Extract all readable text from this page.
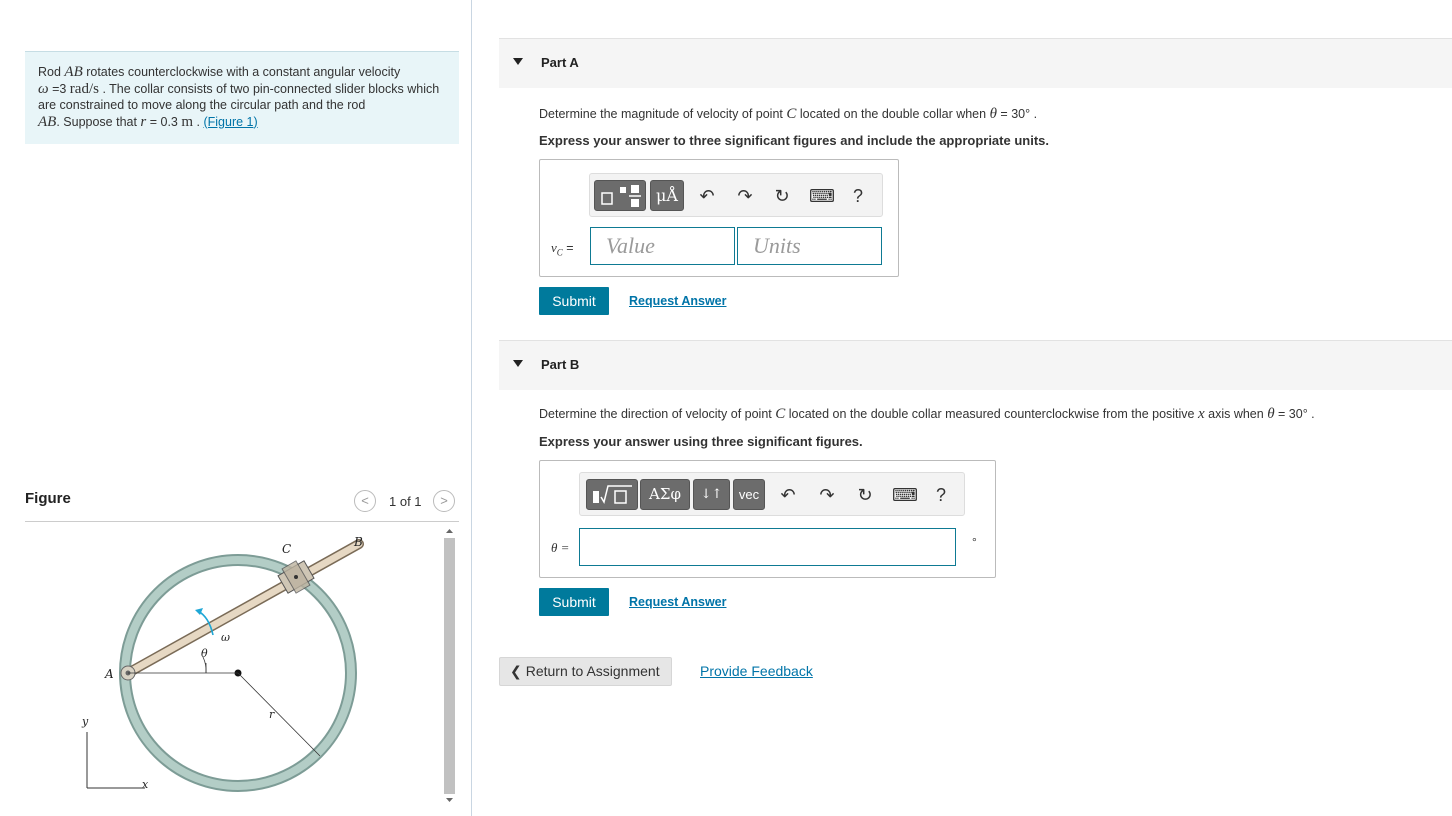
Rod AB rotates counterclockwise with a constant angular velocity
ω =3 rad/s . The collar consists of two pin-connected slider blocks which are constrained to move along the circular path and the rod
AB. Suppose that r = 0.3 m . (Figure 1)
Figure	<	1 of 1	>
A
B
C
ω
θ
r
x
y
Part A
Determine the magnitude of velocity of point C located on the double collar when θ = 30° .
Express your answer to three significant figures and include the appropriate units.
μÅ	↶ ↷ ↻ ⌨	?
$v_C$ =
Value
Units
Submit	Request Answer
Part B
Determine the direction of velocity of point C located on the double collar measured counterclockwise from the positive x axis when θ = 30° .
Express your answer using three significant figures.
ΑΣφ	↓↑	vec	↶ ↷ ↻ ⌨	?
θ =	°
Submit	Request Answer
❮ Return to Assignment	Provide Feedback
